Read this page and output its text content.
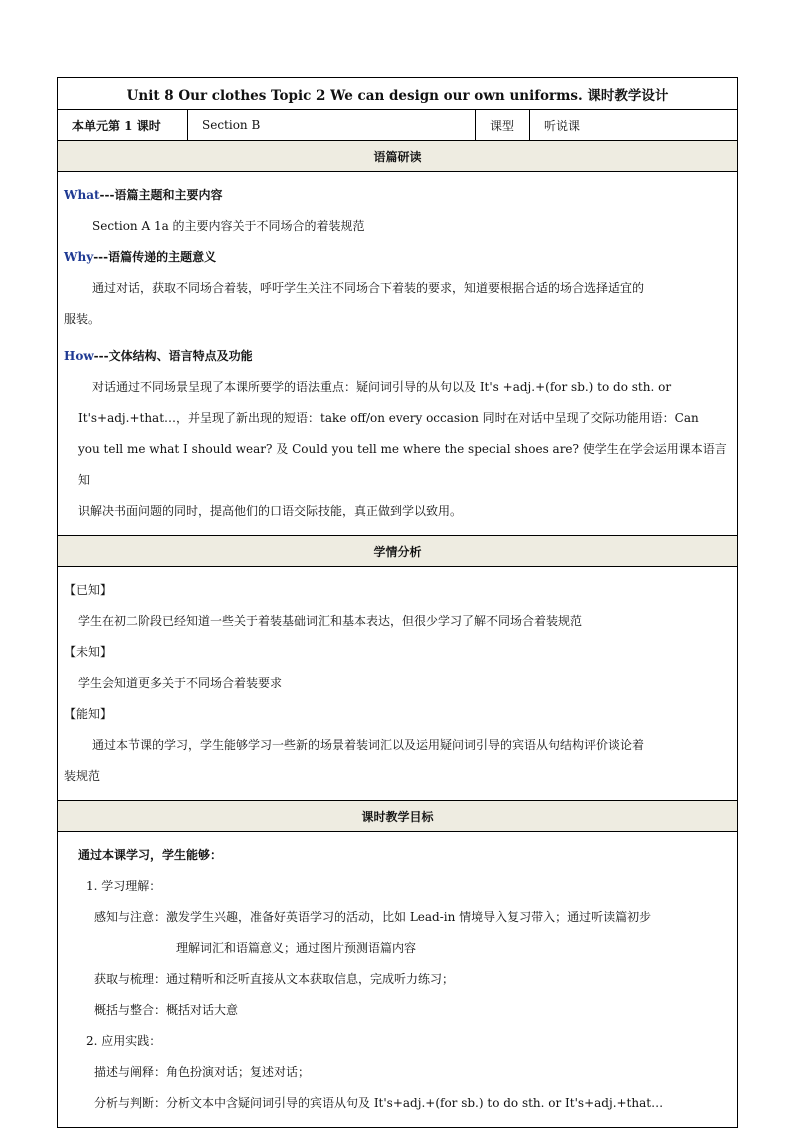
Unit 8 Our clothes Topic 2 We can design our own uniforms. 课时教学设计
本单元第 1 课时	Section B	课型	听说课
语篇研读

What---语篇主题和主要内容
Section A 1a 的主要内容关于不同场合的着装规范
Why---语篇传递的主题意义
通过对话，获取不同场合着装，呼吁学生关注不同场合下着装的要求，知道要根据合适的场合选择适宜的
服装。
How---文体结构、语言特点及功能
对话通过不同场景呈现了本课所要学的语法重点：疑问词引导的从句以及 It's +adj.+(for sb.) to do sth. or
It's+adj.+that…，并呈现了新出现的短语：take off/on every occasion 同时在对话中呈现了交际功能用语：Can
you tell me what I should wear? 及 Could you tell me where the special shoes are? 使学生在学会运用课本语言知
识解决书面问题的同时，提高他们的口语交际技能，真正做到学以致用。

学情分析

【已知】
学生在初二阶段已经知道一些关于着装基础词汇和基本表达，但很少学习了解不同场合着装规范
【未知】
学生会知道更多关于不同场合着装要求
【能知】
通过本节课的学习，学生能够学习一些新的场景着装词汇以及运用疑问词引导的宾语从句结构评价谈论着
装规范

课时教学目标

通过本课学习，学生能够：
1. 学习理解：
感知与注意：激发学生兴趣，准备好英语学习的活动，比如 Lead-in 情境导入复习带入；通过听读篇初步
理解词汇和语篇意义；通过图片预测语篇内容
获取与梳理：通过精听和泛听直接从文本获取信息，完成听力练习；
概括与整合：概括对话大意
2. 应用实践：
描述与阐释：角色扮演对话；复述对话；
分析与判断：分析文本中含疑问词引导的宾语从句及 It's+adj.+(for sb.) to do sth. or It's+adj.+that…
